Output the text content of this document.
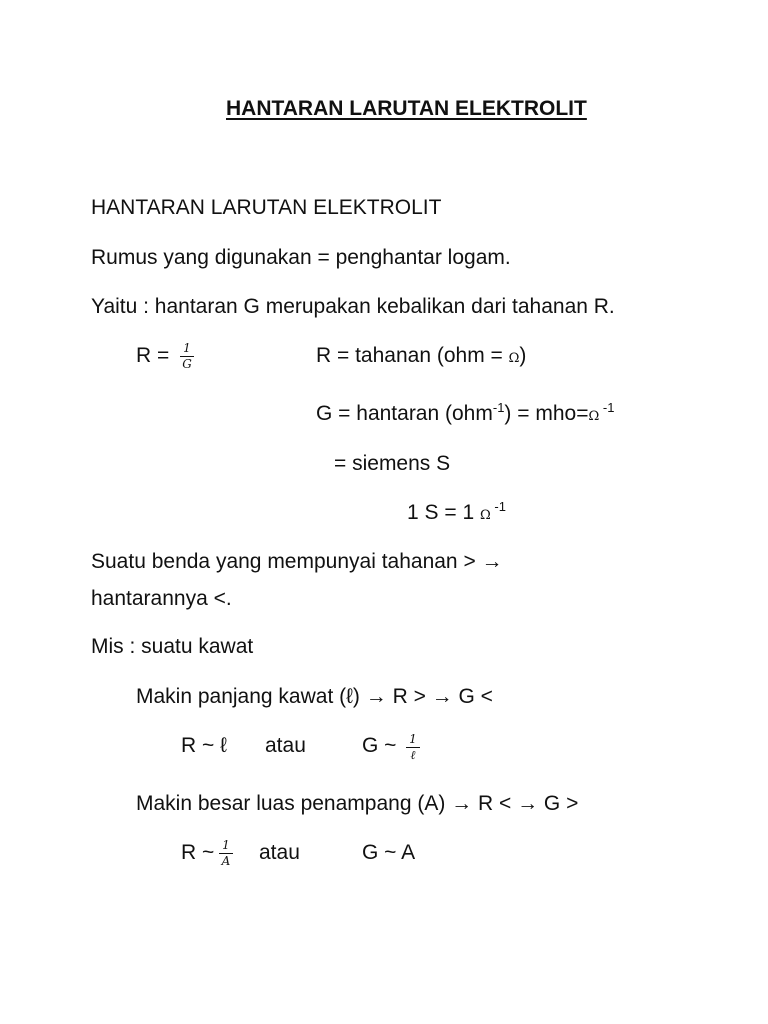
HANTARAN LARUTAN ELEKTROLIT
HANTARAN LARUTAN ELEKTROLIT
Rumus yang digunakan = penghantar logam.
Yaitu : hantaran G merupakan kebalikan dari tahanan R.
$R = \frac{1}{G}$	R = tahanan (ohm = Ω)
G = hantaran (ohm$^{-1}$) = mho=Ω $^{-1}$
= siemens S
1 S = 1 Ω $^{-1}$
Suatu benda yang mempunyai tahanan > →
hantarannya <.
Mis : suatu kawat
Makin panjang kawat (ℓ) → R > → G <
R ~ ℓ atau	G ~ 1
ℓ
Makin besar luas penampang (A) → R < → G >
R ~ $\frac{1}{A}$ atau	G ~ A
